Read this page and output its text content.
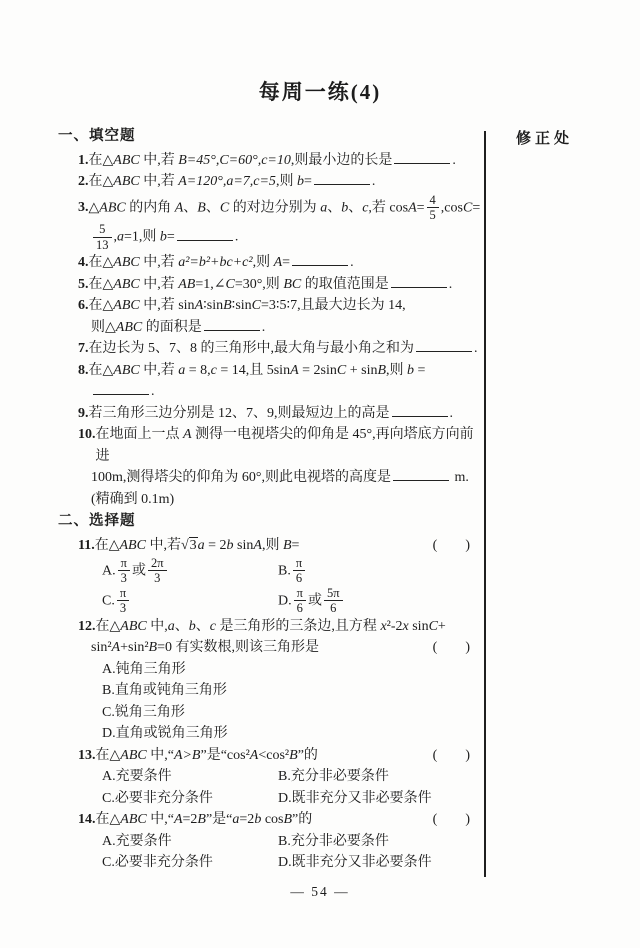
每周一练(4)
修正处
一、填空题
1. 在△ABC 中,若 B=45°,C=60°,c=10,则最小边的长是	.
2. 在△ABC 中,若 A=120°,a=7,c=5,则 b=	.
3. △ABC 的内角 A、B、C 的对边分别为 a、b、c,若 $\cos A= \frac{4}{5} ,\cos C=$
$\frac{5}{13} ,a=1$,则 b=	.
4. 在△ABC 中,若 a²=b²+bc+c²,则 A=	.
5. 在△ABC 中,若 AB=1,∠C=30°,则 BC 的取值范围是	.
6. 在△ABC 中,若 sinA∶sinB∶sinC=3∶5∶7,且最大边长为 14,
则△ABC 的面积是	.
7. 在边长为 5、7、8 的三角形中,最大角与最小角之和为	.
8. 在△ABC 中,若 a = 8,c = 14,且 5sinA = 2sinC + sinB,则 b =
.
9. 若三角形三边分别是 12、7、9,则最短边上的高是	.
10. 在地面上一点 A 测得一电视塔尖的仰角是 45°,再向塔底方向前进
100m,测得塔尖的仰角为 60°,则此电视塔的高度是	m.
(精确到 0.1m)
二、选择题
11. 在△ABC 中,若√3a = 2b sinA,则 B=	(  )
A. $\frac{\pi}{3}$ 或 $\frac{2\pi}{3}$	B. $\frac{\pi}{6}$
C. $\frac{\pi}{3}$	D. $\frac{\pi}{6}$ 或 $\frac{5\pi}{6}$
12. 在△ABC 中,a、b、c 是三角形的三条边,且方程 x²-2x sinC+
sin²A+sin²B=0 有实数根,则该三角形是	(  )
A.钝角三角形
B.直角或钝角三角形
C.锐角三角形
D.直角或锐角三角形
13. 在△ABC 中,“A>B”是“cos²A<cos²B”的	(  )
A.充要条件	B.充分非必要条件
C.必要非充分条件	D.既非充分又非必要条件
14. 在△ABC 中,“A=2B”是“a=2b cosB”的	(  )
A.充要条件	B.充分非必要条件
C.必要非充分条件	D.既非充分又非必要条件
— 54 —
